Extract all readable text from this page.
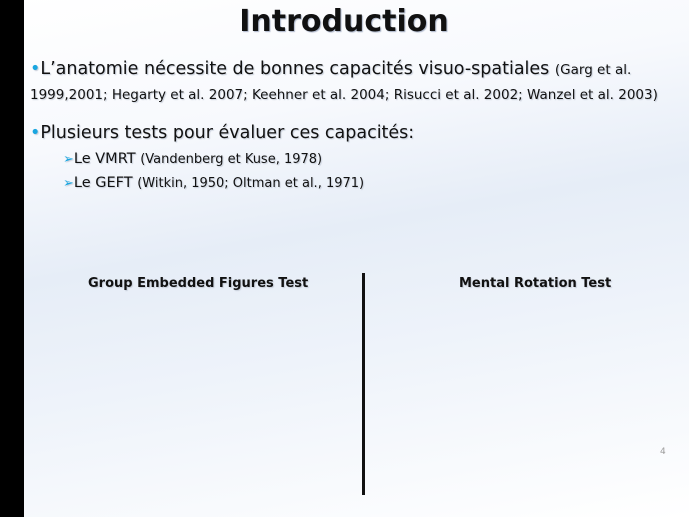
Introduction
•L’anatomie nécessite de bonnes capacités visuo-spatiales (Garg et al. 1999,2001; Hegarty et al. 2007; Keehner et al. 2004; Risucci et al. 2002; Wanzel et al. 2003)
•Plusieurs tests pour évaluer ces capacités:
➢Le VMRT (Vandenberg et Kuse, 1978)
➢Le GEFT (Witkin, 1950; Oltman et al., 1971)
Group Embedded Figures Test	Mental Rotation Test
4
